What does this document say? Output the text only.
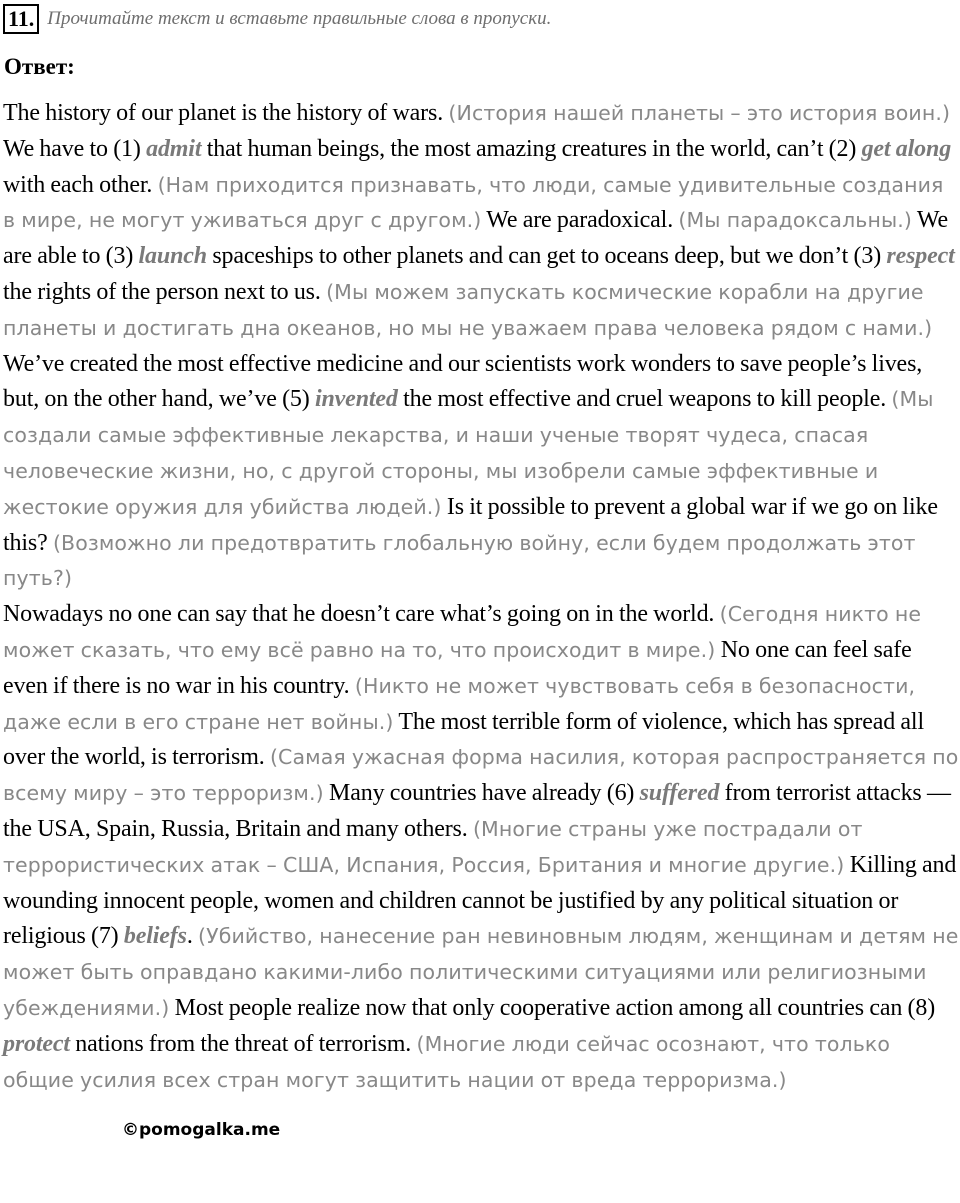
11. Прочитайте текст и вставьте правильные слова в пропуски.
Ответ:

The history of our planet is the history of wars. (История нашей планеты – это история воин.) We have to (1) admit that human beings, the most amazing creatures in the world, can’t (2) get along with each other. (Нам приходится признавать, что люди, самые удивительные создания в мире, не могут уживаться друг с другом.) We are paradoxical. (Мы парадоксальны.) We are able to (3) launch spaceships to other planets and can get to oceans deep, but we don’t (3) respect the rights of the person next to us. (Мы можем запускать космические корабли на другие планеты и достигать дна океанов, но мы не уважаем права человека рядом с нами.) We’ve created the most effective medicine and our scientists work wonders to save people’s lives, but, on the other hand, we’ve (5) invented the most effective and cruel weapons to kill people. (Мы создали самые эффективные лекарства, и наши ученые творят чудеса, спасая человеческие жизни, но, с другой стороны, мы изобрели самые эффективные и жестокие оружия для убийства людей.) Is it possible to prevent a global war if we go on like this? (Возможно ли предотвратить глобальную войну, если будем продолжать этот путь?)

Nowadays no one can say that he doesn’t care what’s going on in the world. (Сегодня никто не может сказать, что ему всё равно на то, что происходит в мире.) No one can feel safe even if there is no war in his country. (Никто не может чувствовать себя в безопасности, даже если в его стране нет войны.) The most terrible form of violence, which has spread all over the world, is terrorism. (Самая ужасная форма насилия, которая распространяется по всему миру – это терроризм.) Many countries have already (6) suffered from terrorist attacks — the USA, Spain, Russia, Britain and many others. (Многие страны уже пострадали от террористических атак – США, Испания, Россия, Британия и многие другие.) Killing and wounding innocent people, women and children cannot be justified by any political situation or religious (7) beliefs. (Убийство, нанесение ран невиновным людям, женщинам и детям не может быть оправдано какими-либо политическими ситуациями или религиозными убеждениями.) Most people realize now that only cooperative action among all countries can (8) protect nations from the threat of terrorism. (Многие люди сейчас осознают, что только общие усилия всех стран могут защитить нации от вреда терроризма.)

©pomogalka.me
